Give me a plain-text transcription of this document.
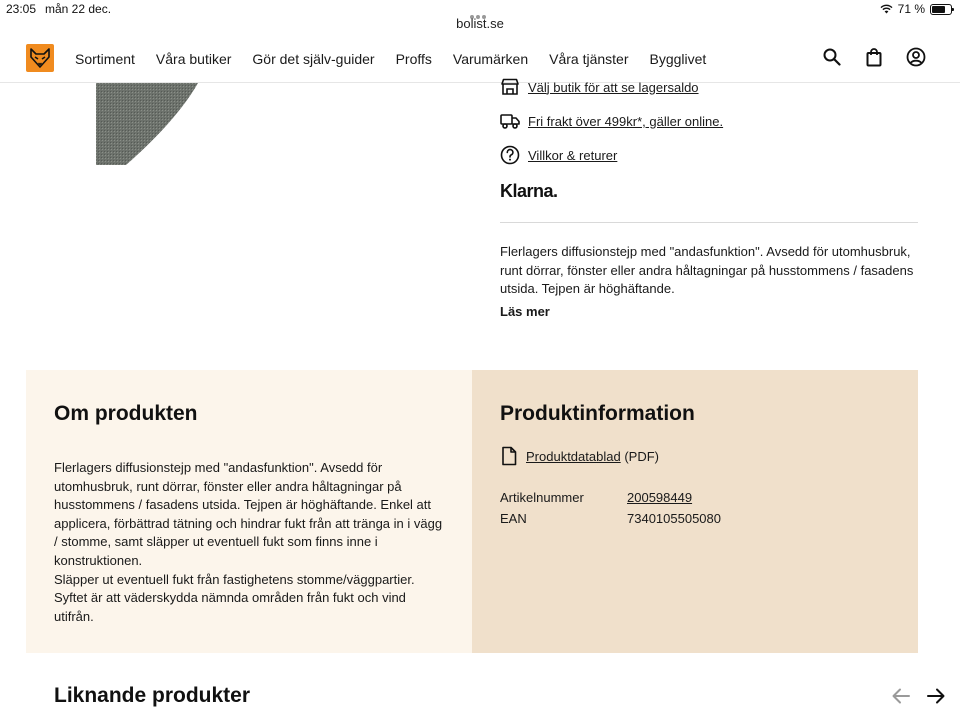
23:05 mån 22 dec.
bolist.se
71 %
Sortiment Våra butiker Gör det själv-guider Proffs Varumärken Våra tjänster Bygglivet
Välj butik för att se lagersaldo
Fri frakt över 499kr*, gäller online.
Villkor & returer
Klarna.
Flerlagers diffusionstejp med "andasfunktion". Avsedd för utomhusbruk, runt dörrar, fönster eller andra håltagningar på husstommens / fasadens utsida. Tejpen är höghäftande.
Läs mer
Om produkten

Flerlagers diffusionstejp med "andasfunktion". Avsedd för utomhusbruk, runt dörrar, fönster eller andra håltagningar på husstommens / fasadens utsida. Tejpen är höghäftande. Enkel att applicera, förbättrad tätning och hindrar fukt från att tränga in i vägg / stomme, samt släpper ut eventuell fukt som finns inne i konstruktionen.

Släpper ut eventuell fukt från fastighetens stomme/väggpartier. Syftet är att väderskydda nämnda områden från fukt och vind utifrån.

Produktinformation
Produktdatablad (PDF)
Artikelnummer	200598449
EAN	7340105505080
Liknande produkter
